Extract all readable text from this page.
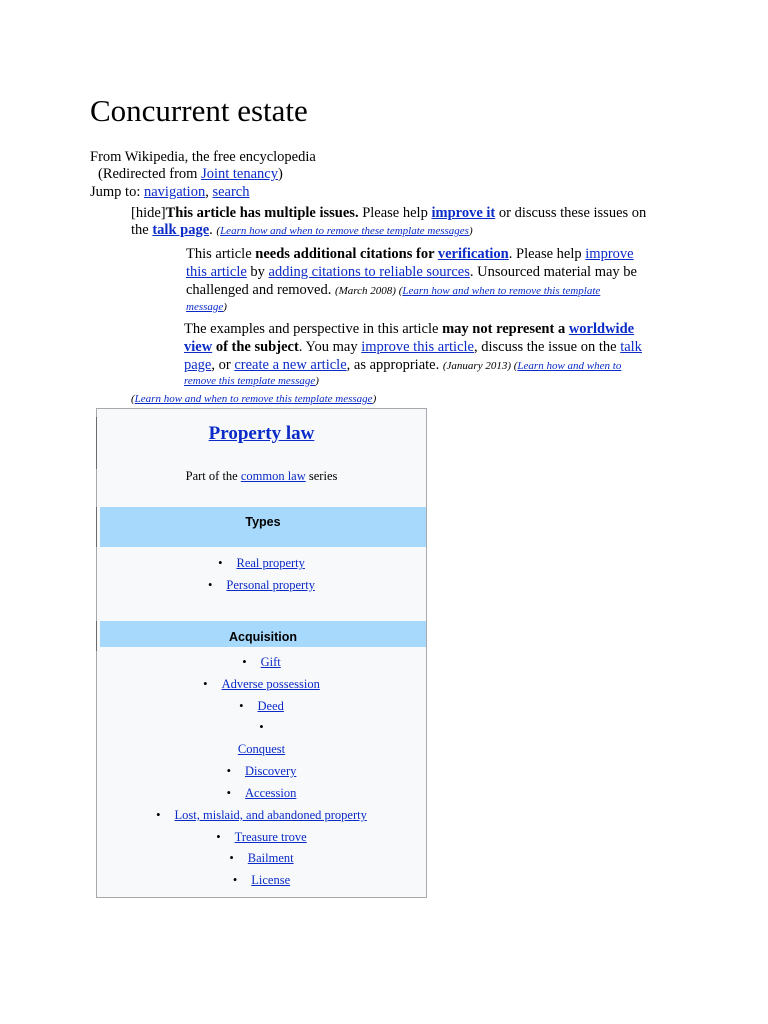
Concurrent estate
From Wikipedia, the free encyclopedia
(Redirected from Joint tenancy)
Jump to: navigation, search
[hide]This article has multiple issues. Please help improve it or discuss these issues on
the talk page. (Learn how and when to remove these template messages)
This article needs additional citations for verification. Please help improve
this article by adding citations to reliable sources. Unsourced material may be
challenged and removed. (March 2008) (Learn how and when to remove this template
message)
The examples and perspective in this article may not represent a worldwide
view of the subject. You may improve this article, discuss the issue on the talk
page, or create a new article, as appropriate. (January 2013) (Learn how and when to
remove this template message)
(Learn how and when to remove this template message)
Property law
Part of the common law series
Types
• Real property
• Personal property
Acquisition
• Gift
• Adverse possession
• Deed
•
Conquest
• Discovery
• Accession
• Lost, mislaid, and abandoned property
• Treasure trove
• Bailment
• License
